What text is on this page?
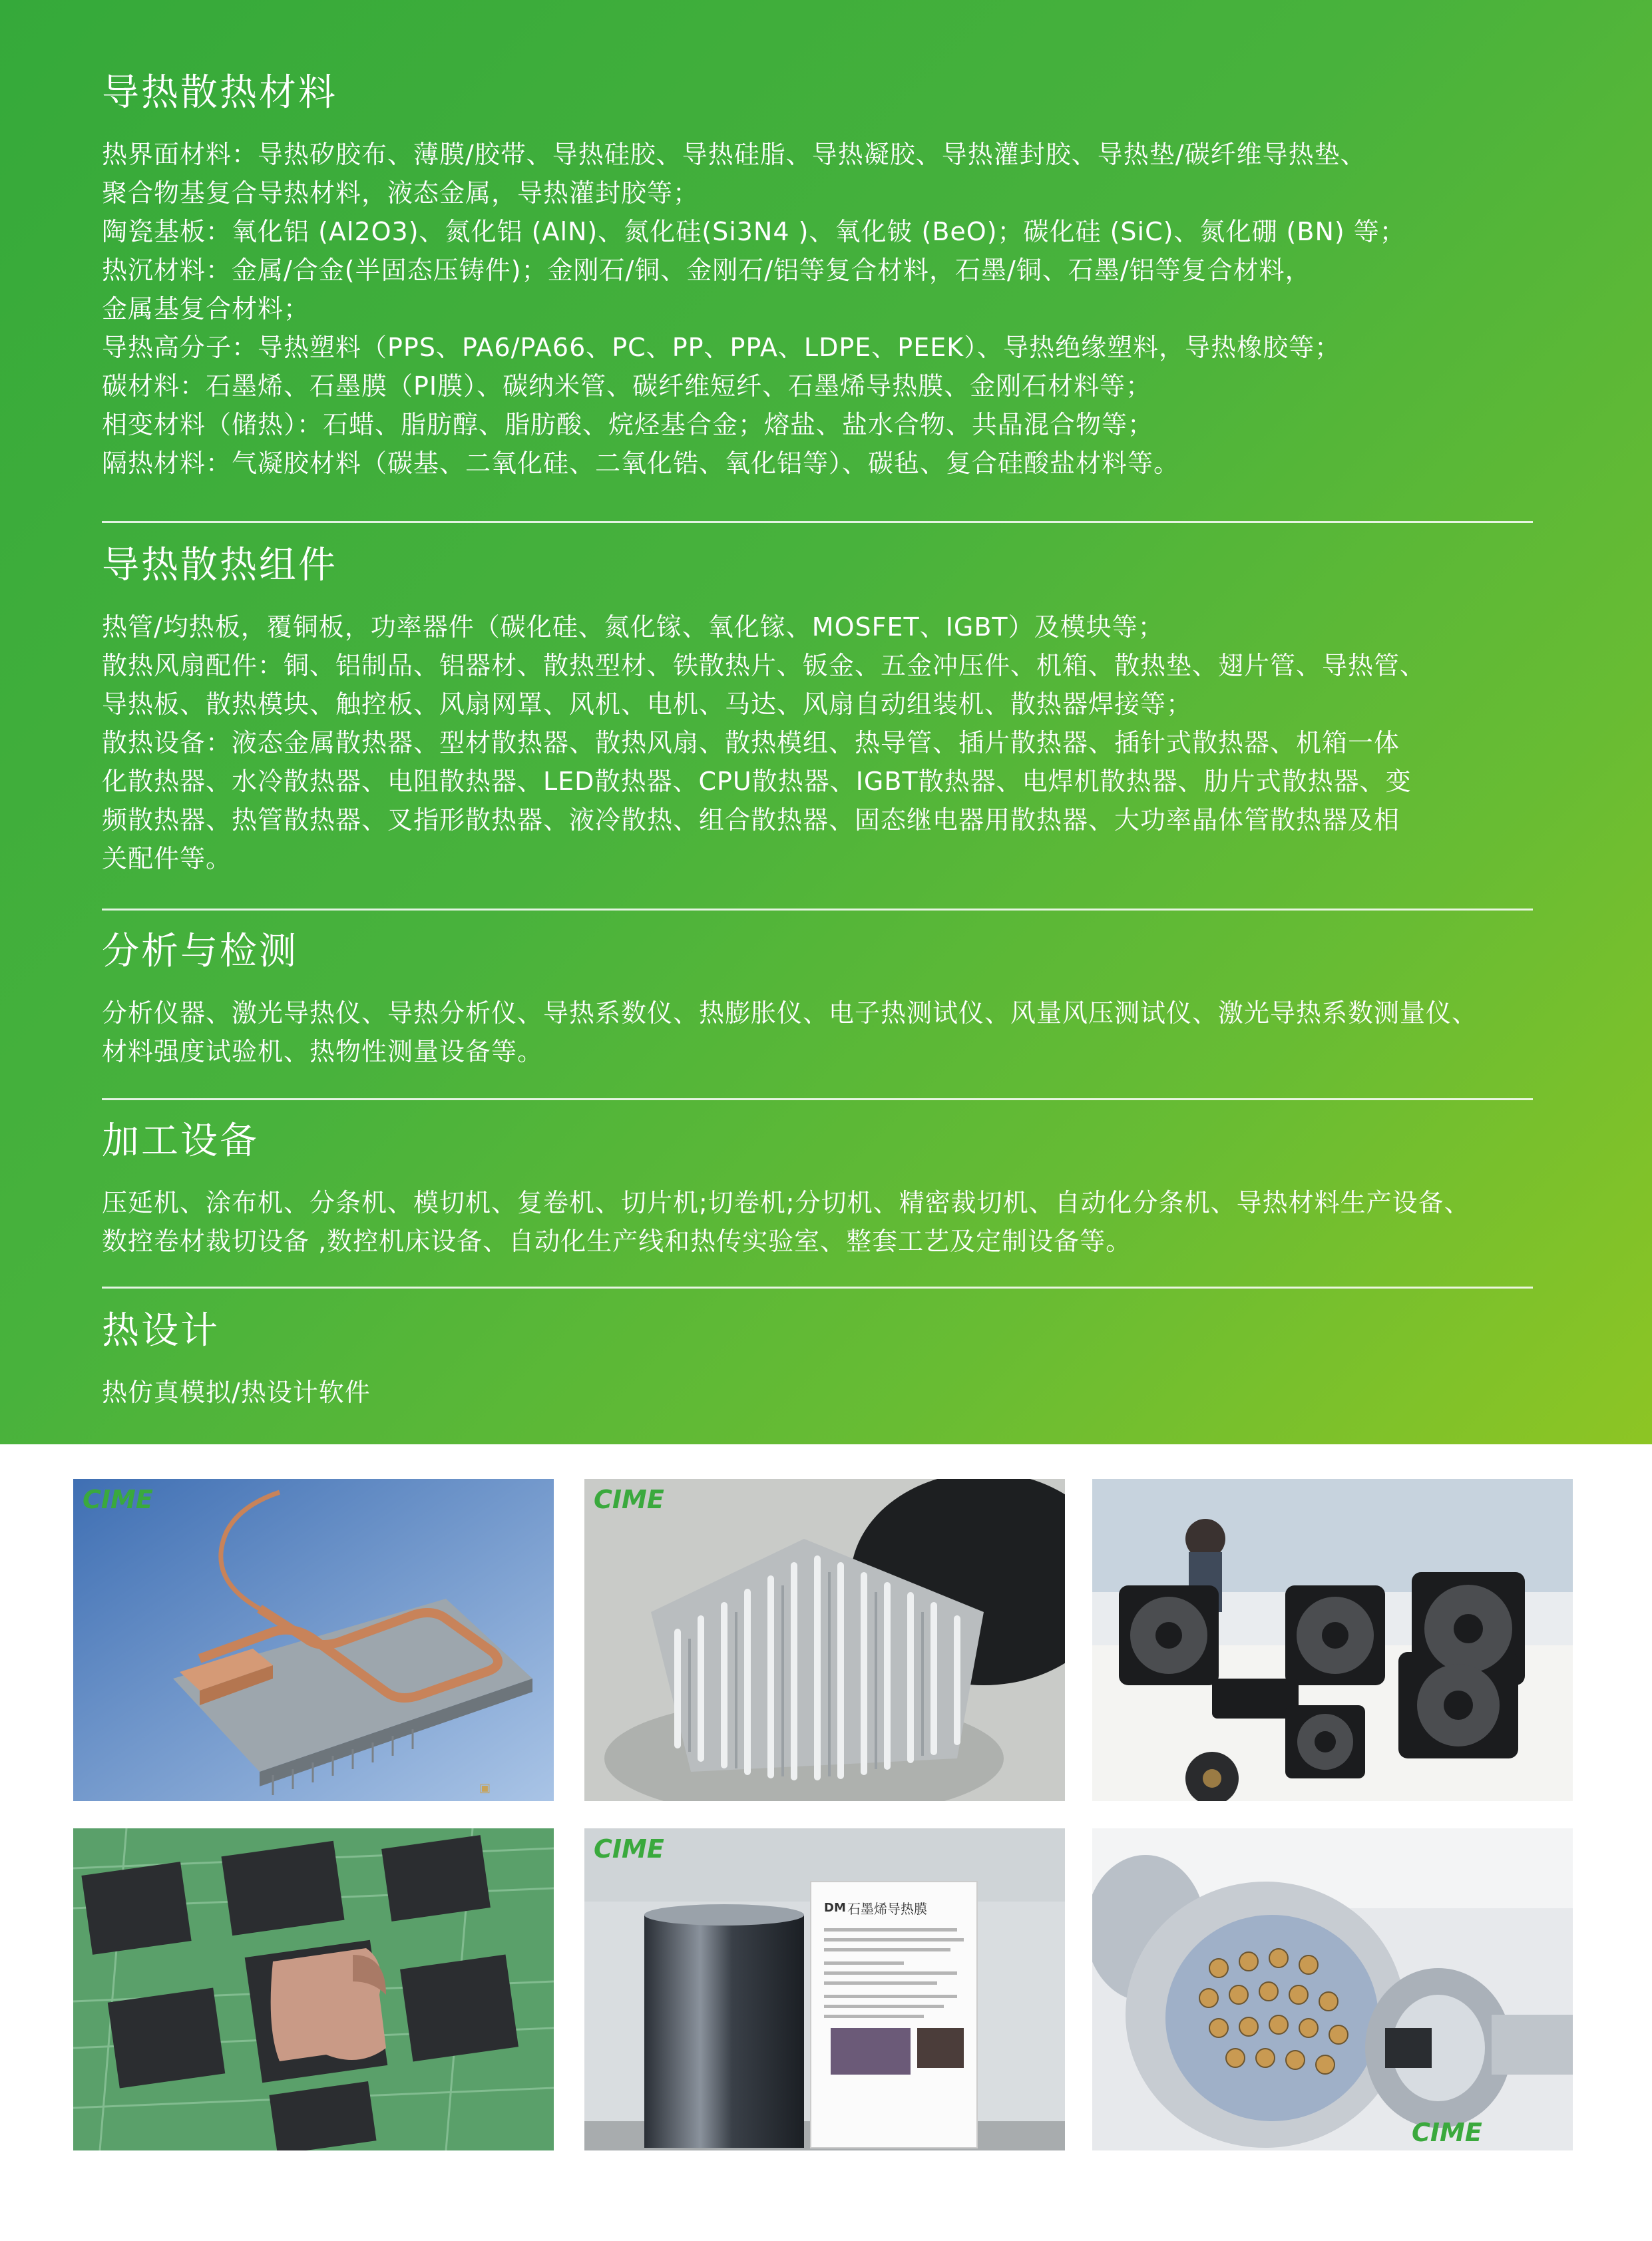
导热散热材料
热界面材料：导热矽胶布、薄膜/胶带、导热硅胶、导热硅脂、导热凝胶、导热灌封胶、导热垫/碳纤维导热垫、
聚合物基复合导热材料，液态金属，导热灌封胶等；
陶瓷基板：氧化铝 (Al2O3)、氮化铝 (AlN)、氮化硅(Si3N4 )、氧化铍 (BeO)；碳化硅 (SiC)、氮化硼 (BN) 等；
热沉材料：金属/合金(半固态压铸件)；金刚石/铜、金刚石/铝等复合材料，石墨/铜、石墨/铝等复合材料，
金属基复合材料；
导热高分子：导热塑料（PPS、PA6/PA66、PC、PP、PPA、LDPE、PEEK）、导热绝缘塑料，导热橡胶等；
碳材料：石墨烯、石墨膜（PI膜）、碳纳米管、碳纤维短纤、石墨烯导热膜、金刚石材料等；
相变材料（储热）：石蜡、脂肪醇、脂肪酸、烷烃基合金；熔盐、盐水合物、共晶混合物等；
隔热材料：气凝胶材料（碳基、二氧化硅、二氧化锆、氧化铝等）、碳毡、复合硅酸盐材料等。
导热散热组件
热管/均热板，覆铜板，功率器件（碳化硅、氮化镓、氧化镓、MOSFET、IGBT）及模块等；
散热风扇配件：铜、铝制品、铝器材、散热型材、铁散热片、钣金、五金冲压件、机箱、散热垫、翅片管、导热管、
导热板、散热模块、触控板、风扇网罩、风机、电机、马达、风扇自动组装机、散热器焊接等；
散热设备：液态金属散热器、型材散热器、散热风扇、散热模组、热导管、插片散热器、插针式散热器、机箱一体
化散热器、水冷散热器、电阻散热器、LED散热器、CPU散热器、IGBT散热器、电焊机散热器、肋片式散热器、变
频散热器、热管散热器、叉指形散热器、液冷散热、组合散热器、固态继电器用散热器、大功率晶体管散热器及相
关配件等。
分析与检测
分析仪器、激光导热仪、导热分析仪、导热系数仪、热膨胀仪、电子热测试仪、风量风压测试仪、激光导热系数测量仪、
材料强度试验机、热物性测量设备等。
加工设备
压延机、涂布机、分条机、模切机、复卷机、切片机;切卷机;分切机、精密裁切机、自动化分条机、导热材料生产设备、
数控卷材裁切设备 ,数控机床设备、自动化生产线和热传实验室、整套工艺及定制设备等。
热设计
热仿真模拟/热设计软件
CIME
▣
CIME
DM 石墨烯导热膜
CIME
CIME
